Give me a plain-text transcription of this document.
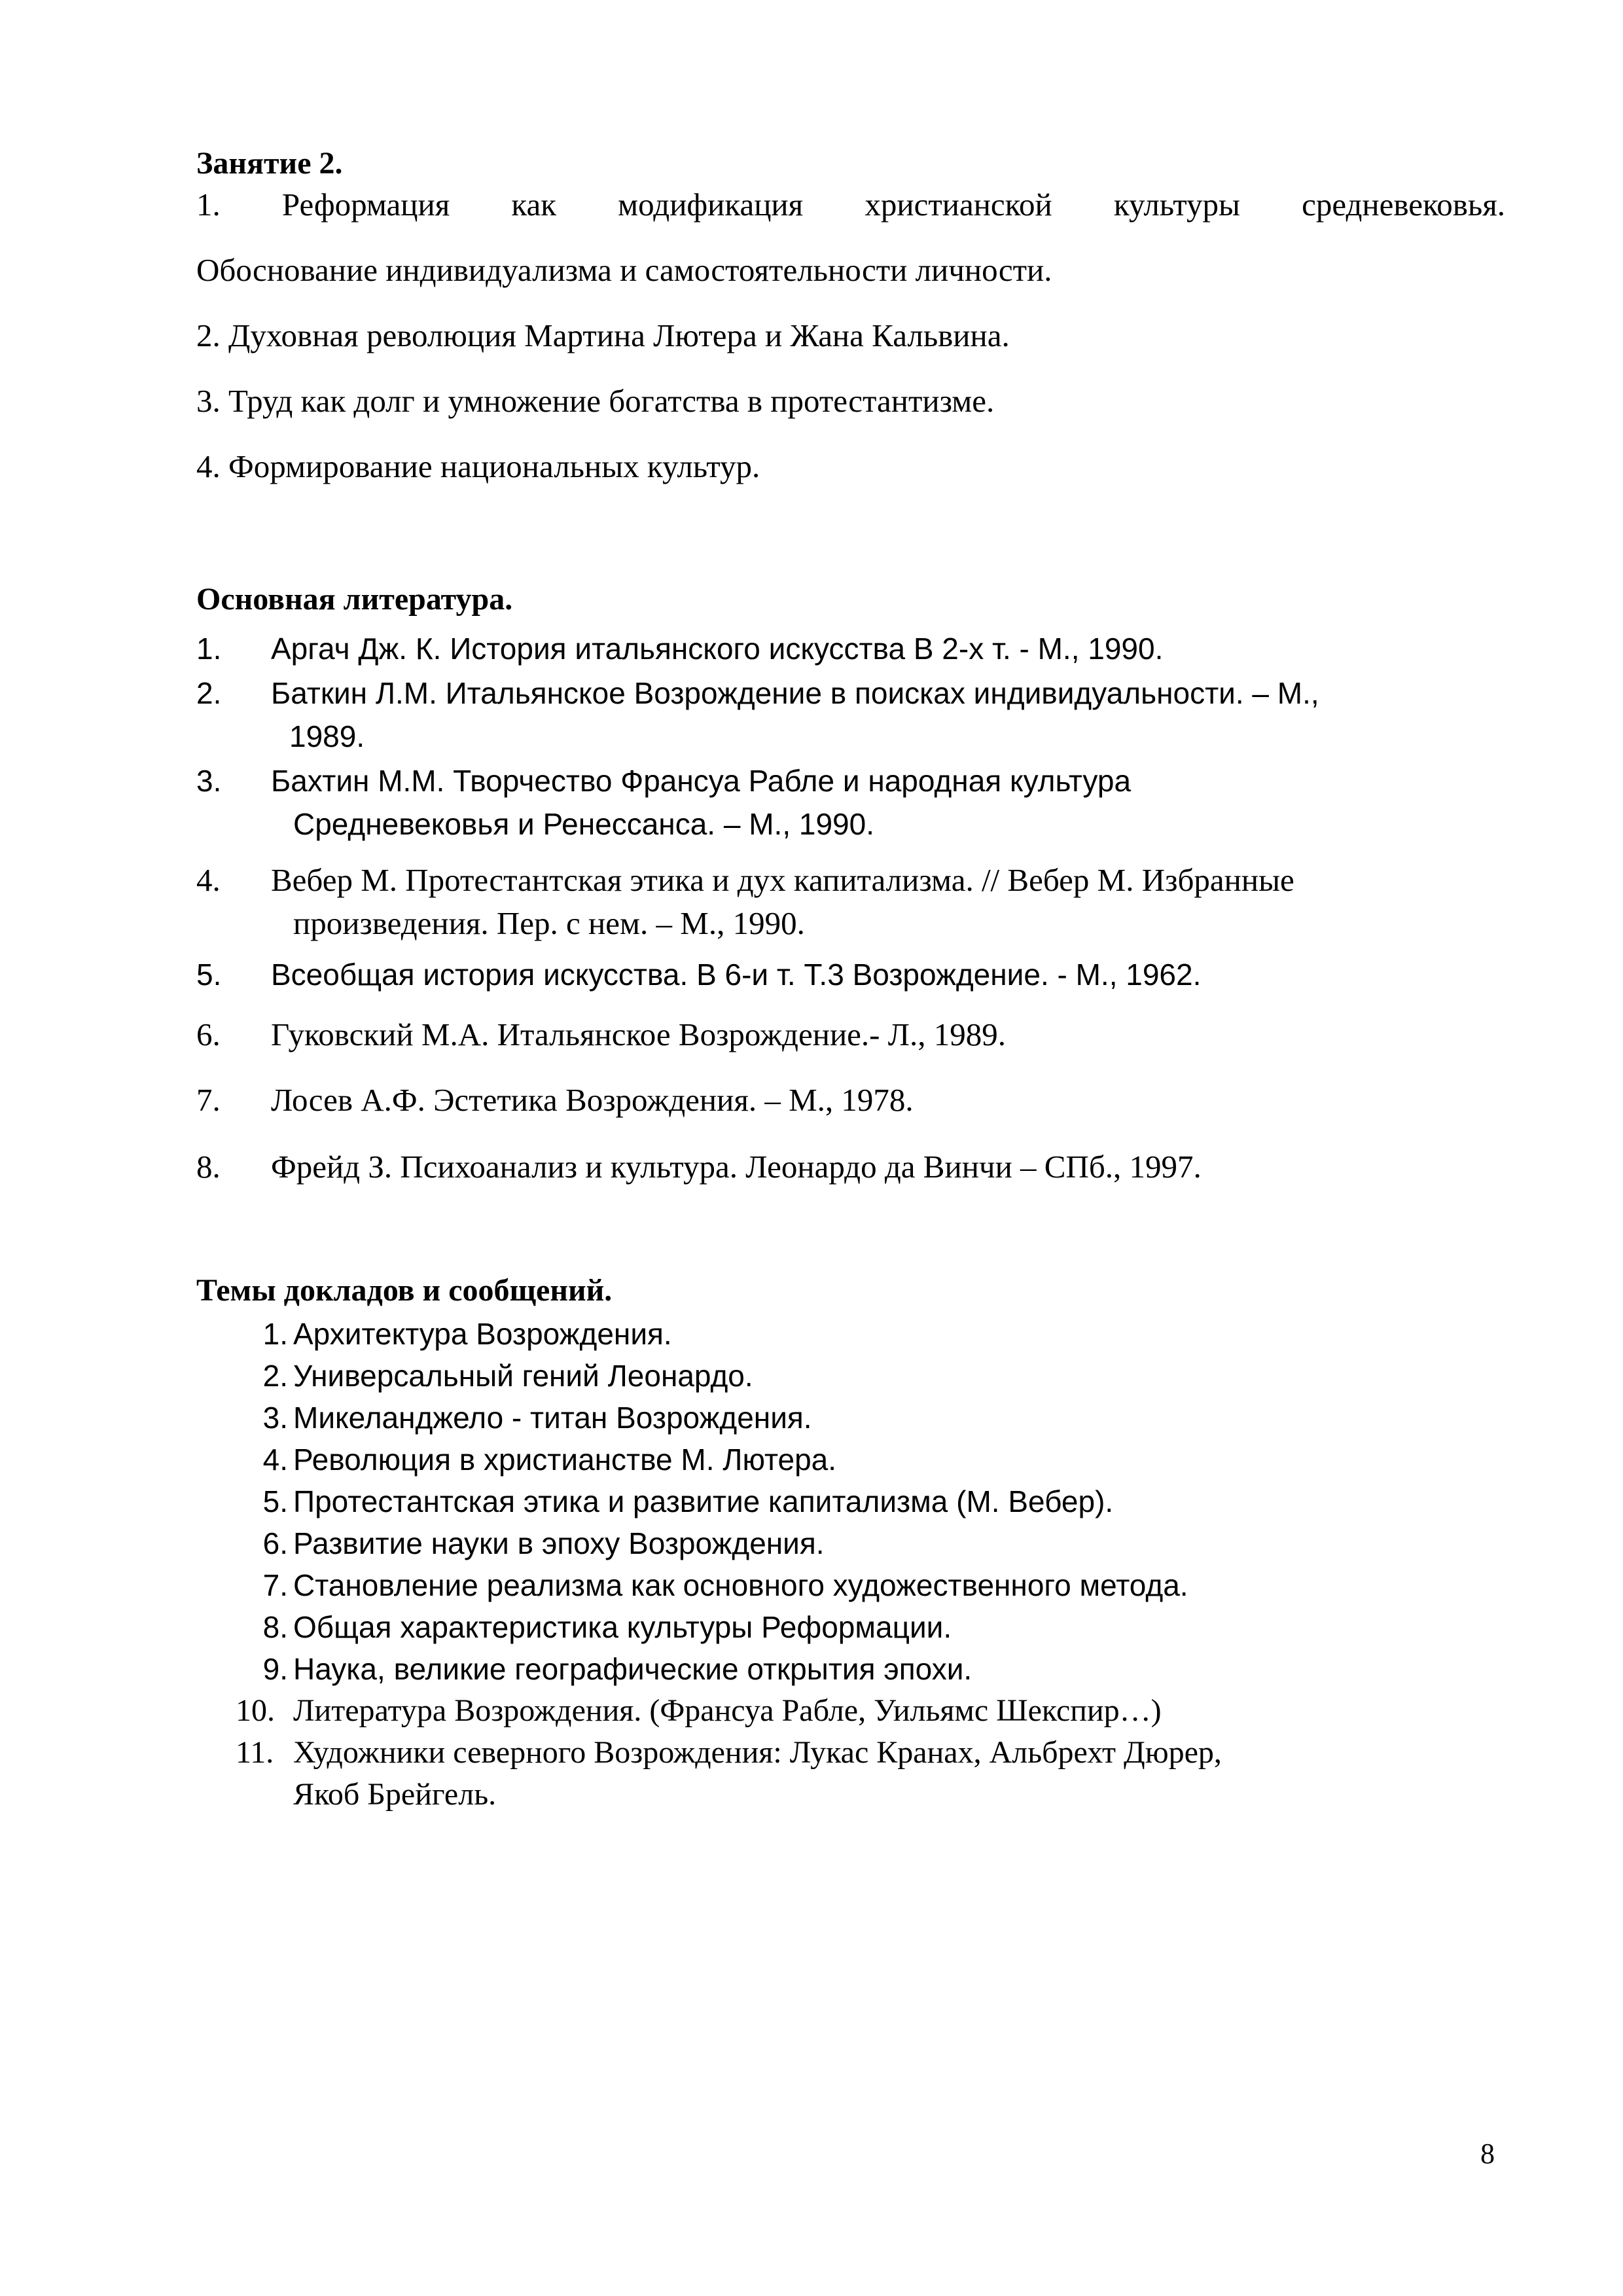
Занятие 2.
1. Реформация как модификация христианской культуры средневековья.
Обоснование индивидуализма и самостоятельности личности.
2. Духовная революция Мартина Лютера и Жана Кальвина.
3. Труд как долг и умножение богатства в протестантизме.
4. Формирование национальных культур.
Основная литература.
1. Аргач Дж. К. История итальянского искусства В 2-х т. - М., 1990.
2. Баткин Л.М. Итальянское Возрождение в поисках индивидуальности. – М.,
1989.
3. Бахтин М.М. Творчество Франсуа Рабле и народная культура
Средневековья и Ренессанса. – М., 1990.
4. Вебер М. Протестантская этика и дух капитализма. // Вебер М. Избранные
произведения. Пер. с нем. – М., 1990.
5. Всеобщая история искусства. В 6-и т. Т.3 Возрождение. - М., 1962.
6. Гуковский М.А. Итальянское Возрождение.- Л., 1989.
7. Лосев А.Ф. Эстетика Возрождения. – М., 1978.
8. Фрейд З. Психоанализ и культура. Леонардо да Винчи – СПб., 1997.
Темы докладов и сообщений.
1. Архитектура Возрождения.
2. Универсальный гений Леонардо.
3. Микеланджело - титан Возрождения.
4. Революция в христианстве М. Лютера.
5. Протестантская этика и развитие капитализма (М. Вебер).
6. Развитие науки в эпоху Возрождения.
7. Становление реализма как основного художественного метода.
8. Общая характеристика культуры Реформации.
9. Наука, великие географические открытия эпохи.
10. Литература Возрождения. (Франсуа Рабле, Уильямс Шекспир…)
11. Художники северного Возрождения: Лукас Кранах, Альбрехт Дюрер,
Якоб Брейгель.
8
